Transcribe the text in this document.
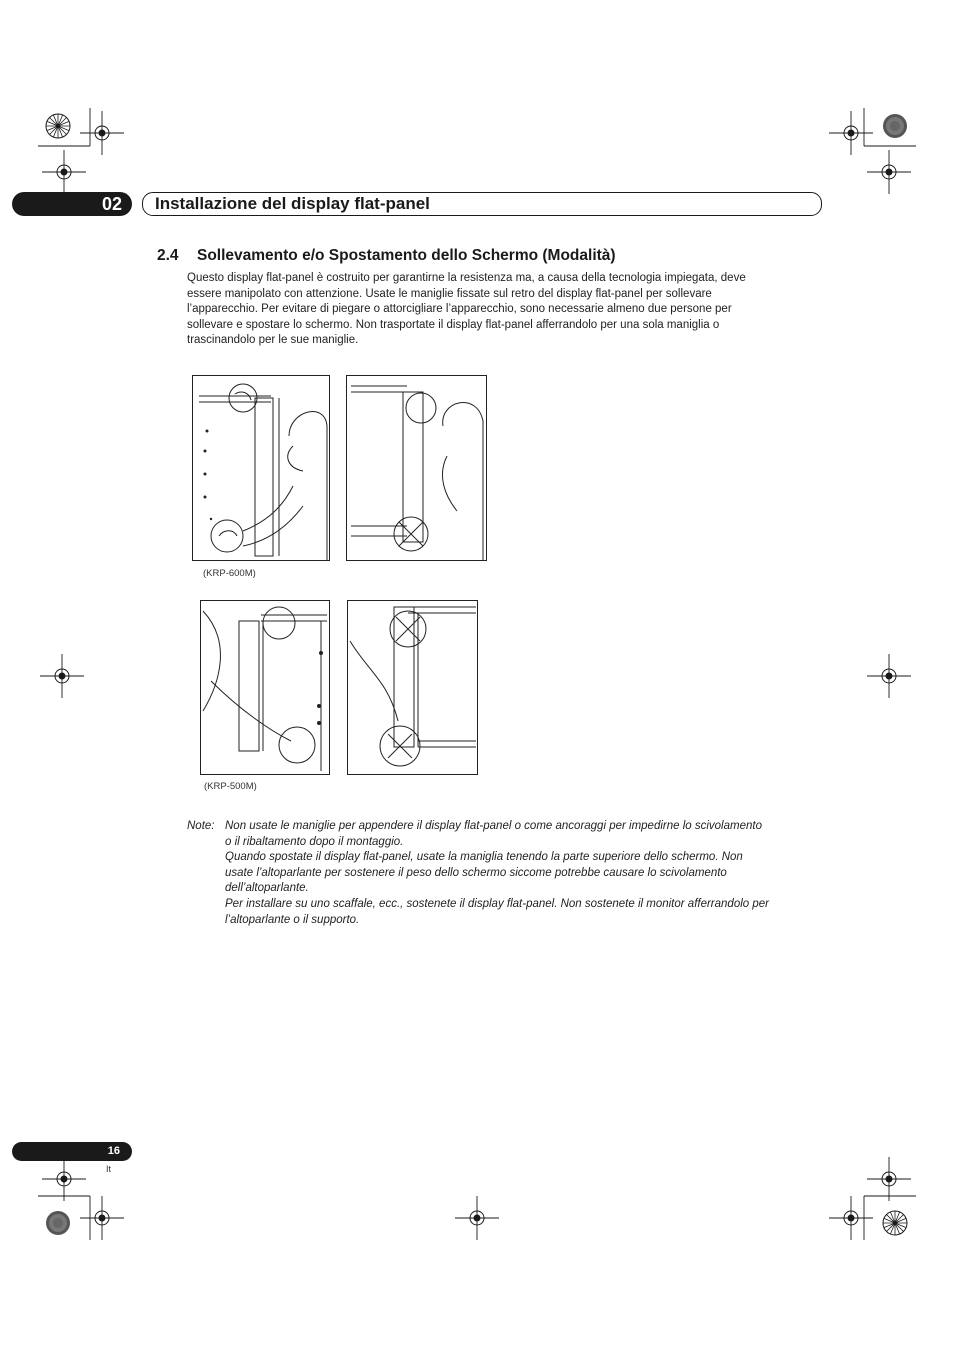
02 Installazione del display flat-panel
2.4 Sollevamento e/o Spostamento dello Schermo (Modalità)
Questo display flat-panel è costruito per garantirne la resistenza ma, a causa della tecnologia impiegata, deve
essere manipolato con attenzione. Usate le maniglie fissate sul retro del display flat-panel per sollevare
l’apparecchio. Per evitare di piegare o attorcigliare l’apparecchio, sono necessarie almeno due persone per
sollevare e spostare lo schermo. Non trasportate il display flat-panel afferrandolo per una sola maniglia o
trascinandolo per le sue maniglie.
(KRP-600M)
(KRP-500M)
Note: Non usate le maniglie per appendere il display flat-panel o come ancoraggi per impedirne lo scivolamento

o il ribaltamento dopo il montaggio.

Quando spostate il display flat-panel, usate la maniglia tenendo la parte superiore dello schermo. Non

usate l’altoparlante per sostenere il peso dello schermo siccome potrebbe causare lo scivolamento

dell’altoparlante.

Per installare su uno scaffale, ecc., sostenete il display flat-panel. Non sostenete il monitor afferrandolo per

l’altoparlante o il supporto.

16
It
